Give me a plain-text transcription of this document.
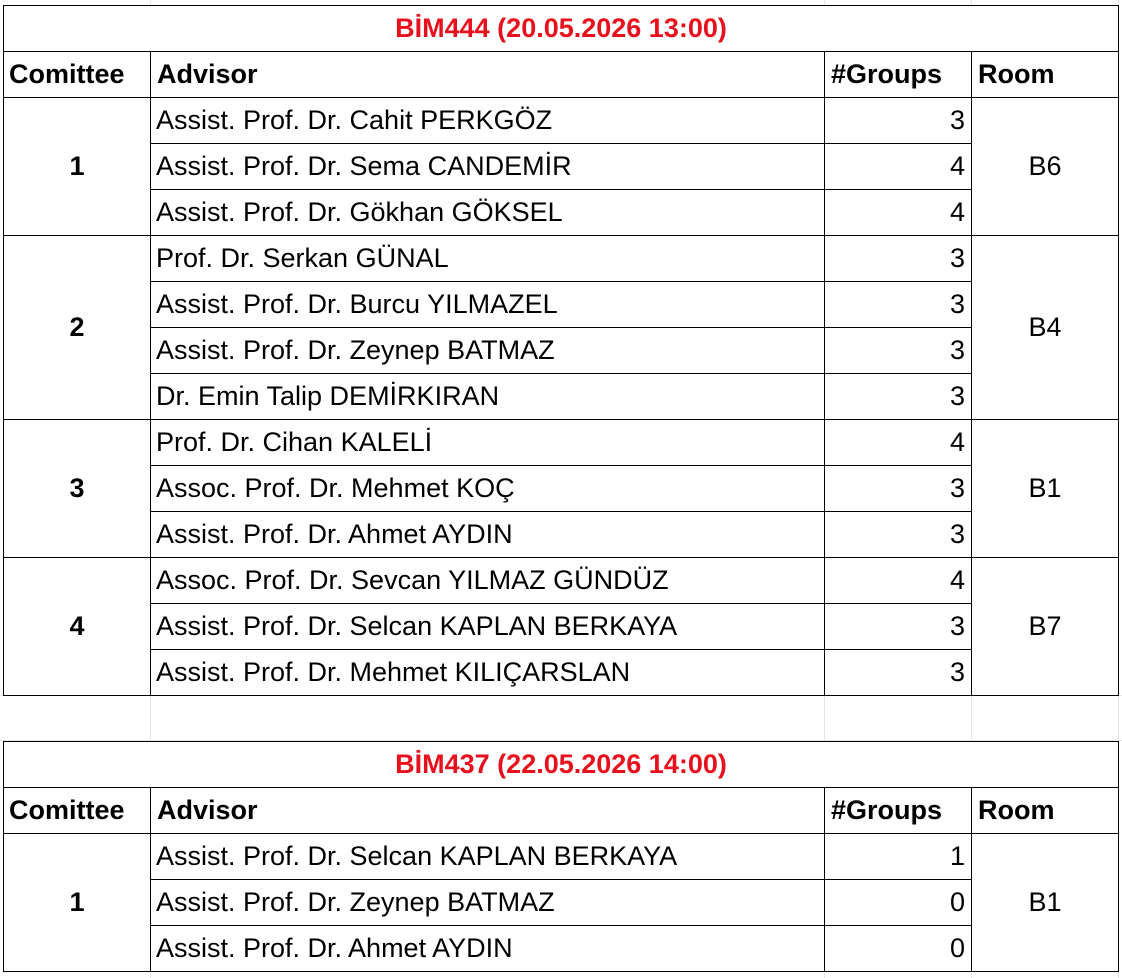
BİM444 (20.05.2026 13:00)			
Comittee	Advisor	#Groups	Room
1	Assist. Prof. Dr. Cahit PERKGÖZ	3	B6
	Assist. Prof. Dr. Sema CANDEMİR	4	
	Assist. Prof. Dr. Gökhan GÖKSEL	4	
2	Prof. Dr. Serkan GÜNAL	3	B4
	Assist. Prof. Dr. Burcu YILMAZEL	3	
	Assist. Prof. Dr. Zeynep BATMAZ	3	
	Dr. Emin Talip DEMİRKIRAN	3	
3	Prof. Dr. Cihan KALELİ	4	B1
	Assoc. Prof. Dr. Mehmet KOÇ	3	
	Assist. Prof. Dr. Ahmet AYDIN	3	
4	Assoc. Prof. Dr. Sevcan YILMAZ GÜNDÜZ	4	B7
	Assist. Prof. Dr. Selcan KAPLAN BERKAYA	3	
	Assist. Prof. Dr. Mehmet KILIÇARSLAN	3	
BİM437 (22.05.2026 14:00)			
Comittee	Advisor	#Groups	Room
1	Assist. Prof. Dr. Selcan KAPLAN BERKAYA	1	B1
	Assist. Prof. Dr. Zeynep BATMAZ	0	
	Assist. Prof. Dr. Ahmet AYDIN	0	
